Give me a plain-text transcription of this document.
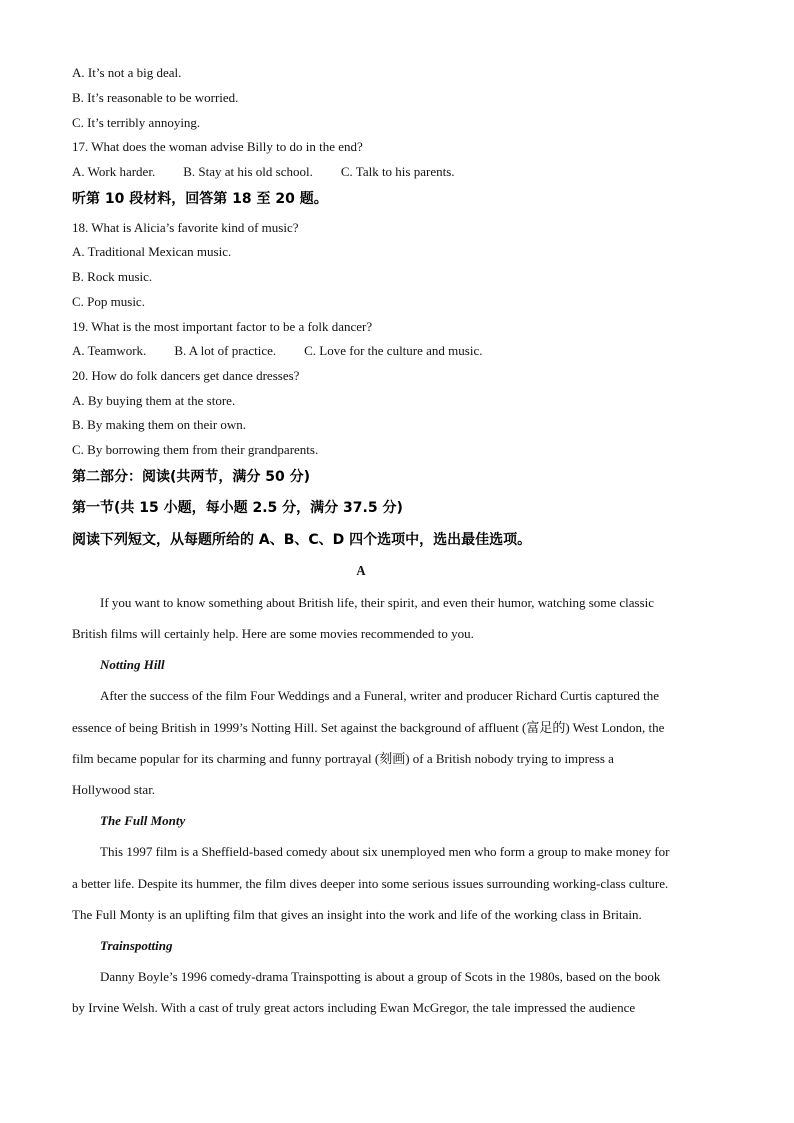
A. It’s not a big deal.
B. It’s reasonable to be worried.
C. It’s terribly annoying.
17. What does the woman advise Billy to do in the end?
A. Work harder. B. Stay at his old school. C. Talk to his parents.
听第 10 段材料，回答第 18 至 20 题。
18. What is Alicia’s favorite kind of music?
A. Traditional Mexican music.
B. Rock music.
C. Pop music.
19. What is the most important factor to be a folk dancer?
A. Teamwork. B. A lot of practice. C. Love for the culture and music.
20. How do folk dancers get dance dresses?
A. By buying them at the store.
B. By making them on their own.
C. By borrowing them from their grandparents.
第二部分：阅读(共两节，满分 50 分)
第一节(共 15 小题，每小题 2.5 分，满分 37.5 分)
阅读下列短文，从每题所给的 A、B、C、D 四个选项中，选出最佳选项。
A
If you want to know something about British life, their spirit, and even their humor, watching some classic
British films will certainly help. Here are some movies recommended to you.
Notting Hill
After the success of the film Four Weddings and a Funeral, writer and producer Richard Curtis captured the
essence of being British in 1999’s Notting Hill. Set against the background of affluent (富足的) West London, the
film became popular for its charming and funny portrayal (刻画) of a British nobody trying to impress a
Hollywood star.
The Full Monty
This 1997 film is a Sheffield-based comedy about six unemployed men who form a group to make money for
a better life. Despite its hummer, the film dives deeper into some serious issues surrounding working-class culture.
The Full Monty is an uplifting film that gives an insight into the work and life of the working class in Britain.
Trainspotting
Danny Boyle’s 1996 comedy-drama Trainspotting is about a group of Scots in the 1980s, based on the book
by Irvine Welsh. With a cast of truly great actors including Ewan McGregor, the tale impressed the audience
